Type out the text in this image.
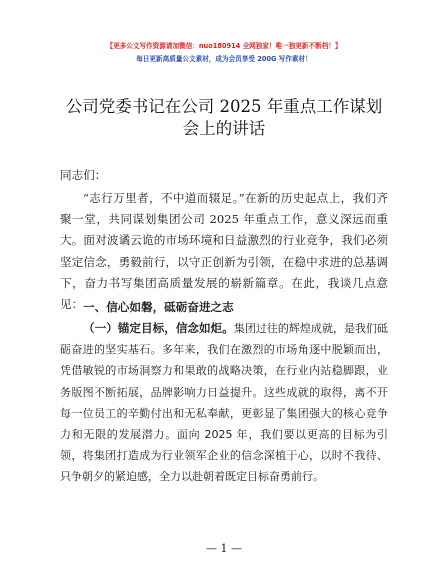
【更多公文写作资源请加微信：nuo180914 全网独家！唯一独更新不断档！】
每日更新高质量公文素材，成为会员享受 200G 写作素材！
公司党委书记在公司 2025 年重点工作谋划会上的讲话

同志们：

“志行万里者，不中道而辍足。”在新的历史起点上，我们齐聚一堂，共同谋划集团公司 2025 年重点工作，意义深远而重大。面对波谲云诡的市场环境和日益激烈的行业竞争，我们必须坚定信念，勇毅前行，以守正创新为引领，在稳中求进的总基调下，奋力书写集团高质量发展的崭新篇章。在此，我谈几点意见： 一、信心如磐，砥砺奋进之志

（一）锚定目标，信念如炬。集团过往的辉煌成就，是我们砥砺奋进的坚实基石。多年来，我们在激烈的市场角逐中脱颖而出，凭借敏锐的市场洞察力和果敢的战略决策，在行业内站稳脚跟，业务版图不断拓展，品牌影响力日益提升。这些成就的取得，离不开每一位员工的辛勤付出和无私奉献，更彰显了集团强大的核心竞争力和无限的发展潜力。面向 2025 年，我们要以更高的目标为引领，将集团打造成为行业领军企业的信念深植于心，以时不我待、只争朝夕的紧迫感，全力以赴朝着既定目标奋勇前行。

— 1 —
